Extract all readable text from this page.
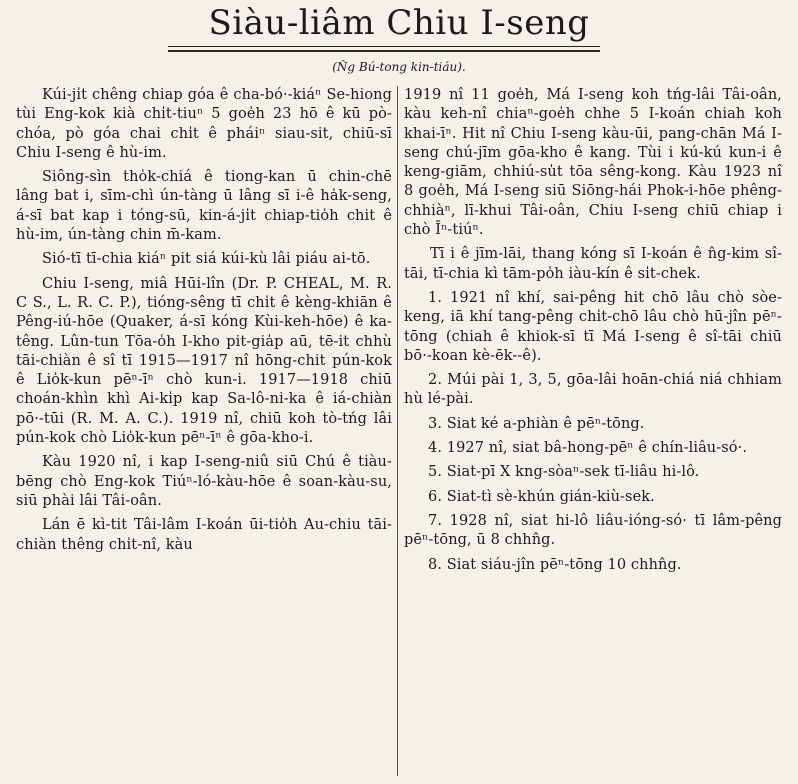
Siàu-liâm Chiu I-seng
(N̂g Bú-tong kin-tiáu).

Kúi-ji̍t chêng chiap góa ê cha-bó·-kiáⁿ Se-hiong tùi Eng-kok kià chi̍t-tiuⁿ 5 goe̍h 23 hō ê kū pò-chóa, pò góa chai chi̍t ê phái‌ⁿ siau-sit, chiū-sī Chiu I-seng ê hù-im.

Siông-sìn tho̍k-chiá ê tiong-kan ū chin-chē lâng bat i, sīm-chì ún-tàng ū lâng sī i-ê ha̍k-seng, á-sī bat kap i tóng-sū, kin-á-ji̍t chiap-tio̍h chit ê hù-im, ún-tàng chin m̄-kam.

Sió-tī tī-chia kiáⁿ pit siá kúi-kù lâi piáu ai-tō.

Chiu I-seng, miâ Hūi-lîn (Dr. P. CHEAL, M. R. C S., L. R. C. P.), tióng-sêng tī chi̍t ê kèng-khiān ê Pêng-iú-hōe (Quaker, á-sī kóng Kùi-keh-hōe) ê ka-têng. Lûn-tun Tōa-o̍h I-kho pit-gia̍p aū, tē-it chhù tāi-chiàn ê sî tī 1915—1917 nî hōng-chit pún-kok ê Lio̍k-kun pēⁿ-īⁿ chò kun-i. 1917—1918 chiū choán-khìn khì Ai-ki̍p kap Sa-lô-ni-ka ê iá-chiàn pō·-tūi (R. M. A. C.). 1919 nî, chiū koh tò-tńg lâi pún-kok chò Lio̍k-kun pēⁿ-īⁿ ê gōa-kho-i.

Kàu 1920 nî, i kap I-seng-niû siū Chú ê tiàu-bēng chò Eng-kok Tiúⁿ-ló-kàu-hōe ê soan-kàu-su, siū phài lâi Tâi-oân.

Lán ē kì-tit Tâi-lâm I-koán ūi-tio̍h Au-chiu tāi-chiàn thêng chi̍t-nî, kàu

1919 nî 11 goe̍h, Má I-seng koh tńg-lâi Tâi-oân, kàu keh-nî chiaⁿ-goe̍h chhe 5 I-koán chiah koh khai-īⁿ. Hit nî Chiu I-seng kàu-ūi, pang-chān Má I-seng chú-jīm gōa-kho ê kang. Tùi i kú-kú kun-i ê keng-giām, chhiú-su̍t tōa sêng-kong. Kàu 1923 nî 8 goe̍h, Má I-seng siū Siōng-hái Phok-i-hōe phêng-chhiàⁿ, lī-khui Tâi-oân, Chiu I-seng chiū chiap i chò Īⁿ-tiúⁿ.

Tī i ê jīm-lāi, thang kóng sī I-koán ê n̂g-kim sî-tāi, tī-chia kì tām-po̍h iàu-kín ê si̍t-chek.

1. 1921 nî khí, sai-pêng hit chō lâu chò sòe-keng, iā khí tang-pêng chi̍t-chō lâu chò hū-jîn pēⁿ-tōng (chiah ê khiok-sī tī Má I-seng ê sî-tāi chiū bō·-koan kè-ēk--ê).

2. Múi pài 1, 3, 5, gōa-lâi hoān-chiá niá chhiam hù lé-pài.

3. Siat ké a-phiàn ê pēⁿ-tōng.

4. 1927 nî, siat bâ-hong-pēⁿ ê chín-liâu-só·.

5. Siat-pī X kng-sòaⁿ-sek tī-liâu hi-lô.

6. Siat-tì sè-khún gián-kiù-sek.

7. 1928 nî, siat hi-lô liâu-ióng-só· tī lâm-pêng pēⁿ-tōng, ū 8 chhn̂g.

8. Siat siáu-jîn pēⁿ-tōng 10 chhn̂g.
